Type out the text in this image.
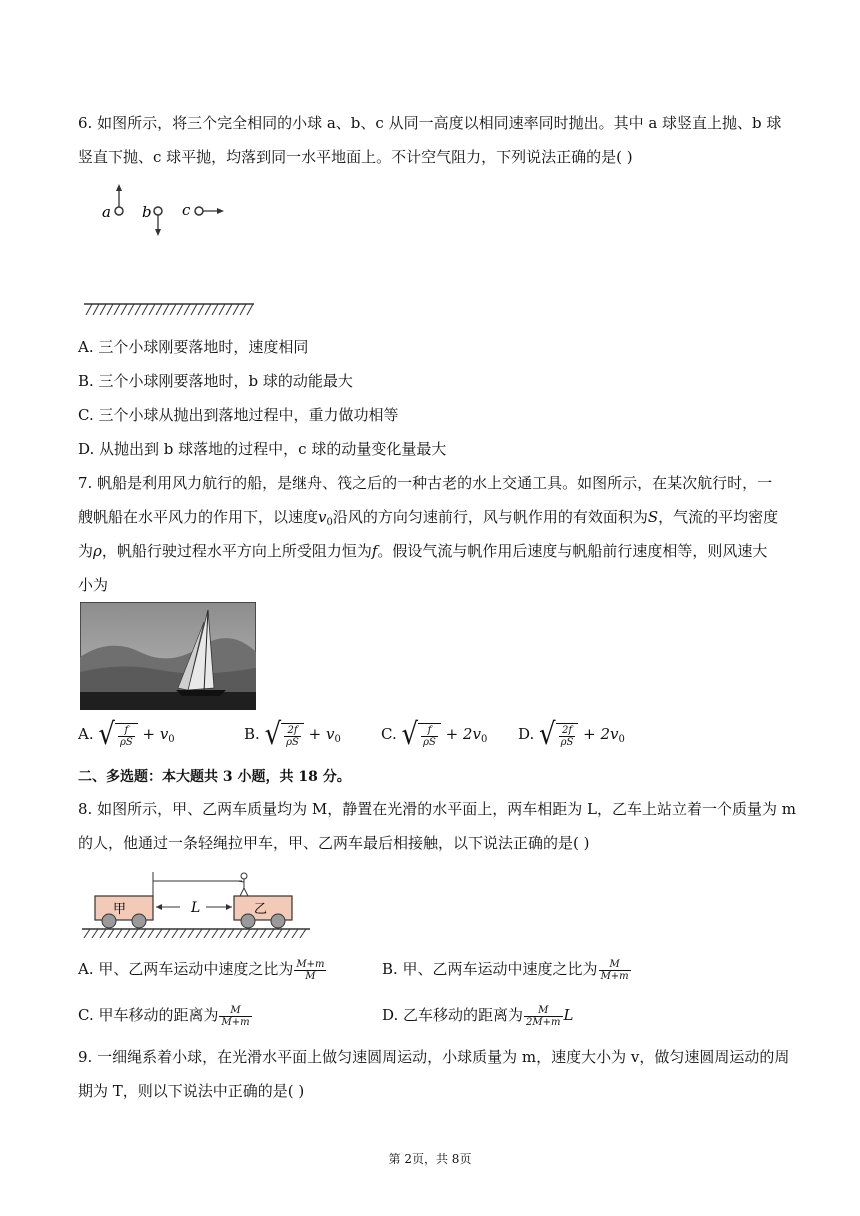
6. 如图所示，将三个完全相同的小球 a、b、c 从同一高度以相同速率同时抛出。其中 a 球竖直上抛、b 球
竖直下抛、c 球平抛，均落到同一水平地面上。不计空气阻力，下列说法正确的是( )
a b c
A. 三个小球刚要落地时，速度相同
B. 三个小球刚要落地时，b 球的动能最大
C. 三个小球从抛出到落地过程中，重力做功相等
D. 从抛出到 b 球落地的过程中，c 球的动量变化量最大
7. 帆船是利用风力航行的船，是继舟、筏之后的一种古老的水上交通工具。如图所示，在某次航行时，一
艘帆船在水平风力的作用下，以速度$v_0$沿风的方向匀速前行，风与帆作用的有效面积为S，气流的平均密度
为ρ，帆船行驶过程水平方向上所受阻力恒为f。假设气流与帆作用后速度与帆船前行速度相等，则风速大
小为
A. √ $\frac{f}{\rho S} + v_0$	B. √ $\frac{2f}{\rho S} + v_0$	C. √ $\frac{f}{\rho S} + 2v_0$ D. √ $\frac{2f}{\rho S} + 2v_0$
二、多选题：本大题共 3 小题，共 18 分。
8. 如图所示，甲、乙两车质量均为 M，静置在光滑的水平面上，两车相距为 L，乙车上站立着一个质量为 m
的人，他通过一条轻绳拉甲车，甲、乙两车最后相接触，以下说法正确的是( )
甲	L	乙
A. 甲、乙两车运动中速度之比为 $\frac{M+m}{M}$	B. 甲、乙两车运动中速度之比为 $\frac{M}{M+m}$
C. 甲车移动的距离为 $\frac{M}{M+m}$	D. 乙车移动的距离为 $\frac{M}{2M+m}$ L
9. 一细绳系着小球，在光滑水平面上做匀速圆周运动，小球质量为 m，速度大小为 v，做匀速圆周运动的周
期为 T，则以下说法中正确的是( )
第 2页，共 8页
